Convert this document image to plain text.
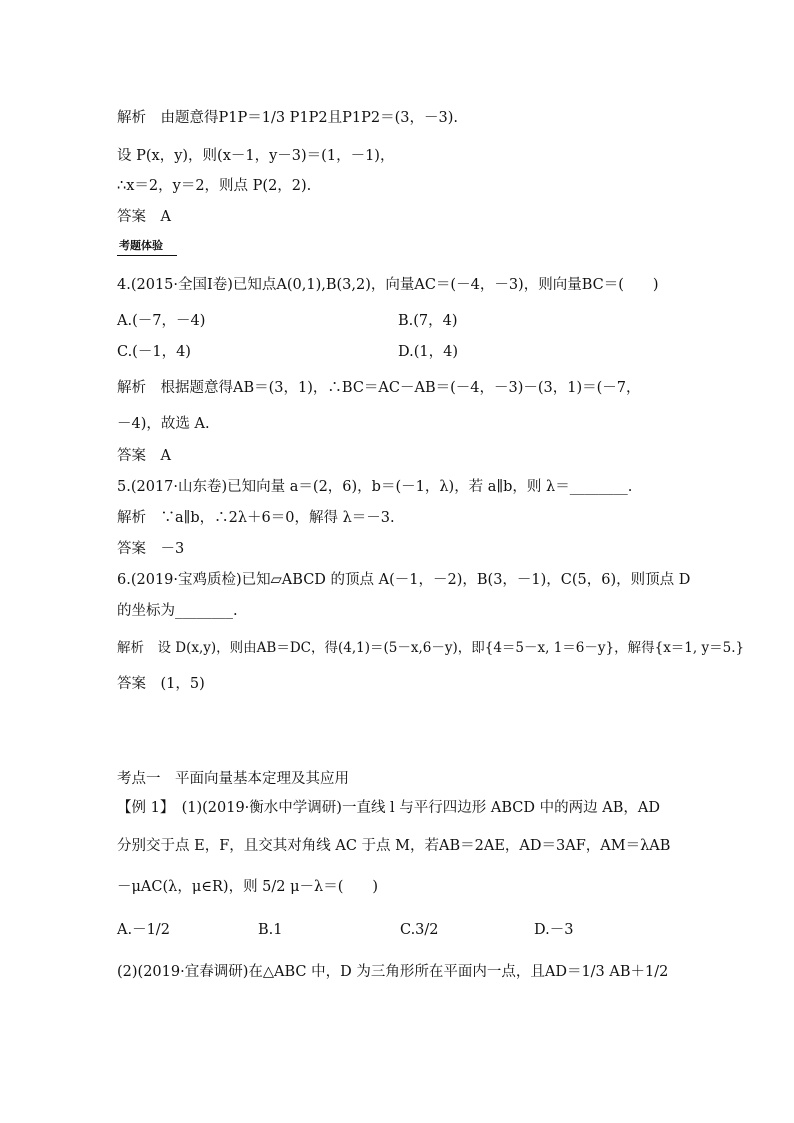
解析　由题意得P1P＝1/3 P1P2且P1P2＝(3，－3).
设 P(x，y)，则(x－1，y－3)＝(1，－1)，
∴x＝2，y＝2，则点 P(2，2).
答案　A
考题体验
4.(2015·全国Ⅰ卷)已知点A(0,1),B(3,2)，向量AC＝(－4，－3)，则向量BC＝(　　)
A.(－7，－4)	B.(7，4)
C.(－1，4)	D.(1，4)
解析　根据题意得AB＝(3，1)，∴BC＝AC－AB＝(－4，－3)－(3，1)＝(－7，
－4)，故选 A.
答案　A
5.(2017·山东卷)已知向量 a＝(2，6)，b＝(－1，λ)，若 a∥b，则 λ＝________.
解析　∵a∥b，∴2λ＋6＝0，解得 λ＝－3.
答案　－3
6.(2019·宝鸡质检)已知▱ABCD 的顶点 A(－1，－2)，B(3，－1)，C(5，6)，则顶点 D
的坐标为________.
解析　设 D(x,y)，则由AB＝DC，得(4,1)＝(5－x,6－y)，即{4＝5－x, 1＝6－y}，解得{x＝1, y＝5.}
答案　(1，5)
考点一　平面向量基本定理及其应用
【例 1】　(1)(2019·衡水中学调研)一直线 l 与平行四边形 ABCD 中的两边 AB，AD
分别交于点 E，F，且交其对角线 AC 于点 M，若AB＝2AE，AD＝3AF，AM＝λAB
－μAC(λ，μ∈R)，则 5/2 μ－λ＝(　　)
A.－1/2	B.1	C.3/2	D.－3
(2)(2019·宜春调研)在△ABC 中，D 为三角形所在平面内一点，且AD＝1/3 AB＋1/2
